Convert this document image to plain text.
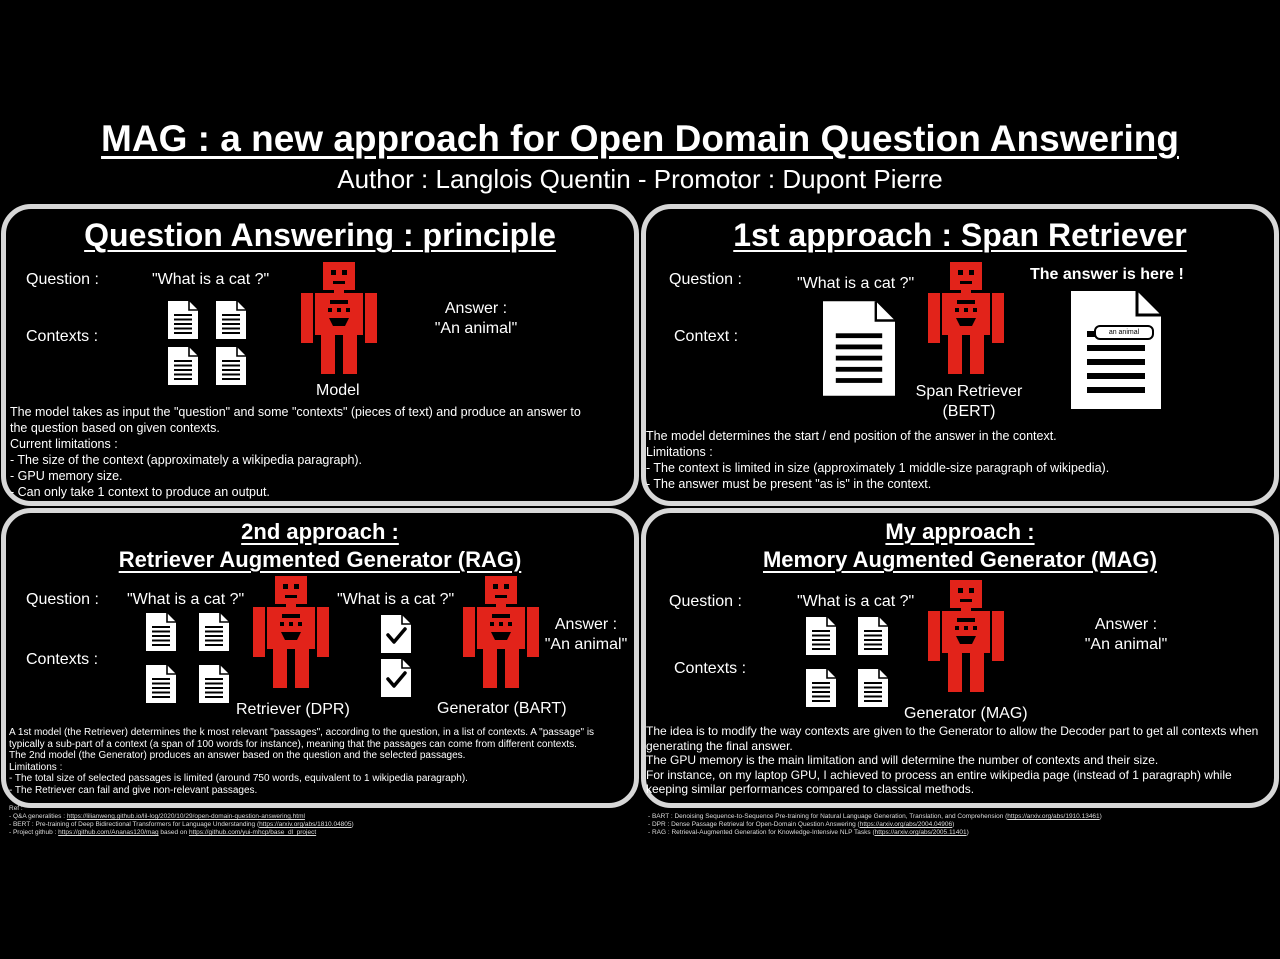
MAG : a new approach for Open Domain Question Answering
Author : Langlois Quentin - Promotor : Dupont Pierre
Question Answering : principle
Question :	"What is a cat ?"
Contexts :
Model
Answer :
"An animal"
The model takes as input the "question" and some "contexts" (pieces of text) and produce an answer to
the question based on given contexts.
Current limitations :
- The size of the context (approximately a wikipedia paragraph).
- GPU memory size.
- Can only take 1 context to produce an output.
1st approach : Span Retriever
Question :	"What is a cat ?"
Context :
Span Retriever
(BERT)
The answer is here !
an animal
The model determines the start / end position of the answer in the context.
Limitations :
- The context is limited in size (approximately 1 middle-size paragraph of wikipedia).
- The answer must be present "as is" in the context.
2nd approach :
Retriever Augmented Generator (RAG)
Question : "What is a cat ?"	"What is a cat ?"
Contexts :
Retriever (DPR)	Generator (BART)
Answer :
"An animal"
A 1st model (the Retriever) determines the k most relevant "passages", according to the question, in a list of contexts. A "passage" is
typically a sub-part of a context (a span of 100 words for instance), meaning that the passages can come from different contexts.
The 2nd model (the Generator) produces an answer based on the question and the selected passages.
Limitations :
- The total size of selected passages is limited (around 750 words, equivalent to 1 wikipedia paragraph).
- The Retriever can fail and give non-relevant passages.
My approach :
Memory Augmented Generator (MAG)
Question :	"What is a cat ?"
Contexts :
Generator (MAG)
Answer :
"An animal"
The idea is to modify the way contexts are given to the Generator to allow the Decoder part to get all contexts when
generating the final answer.
The GPU memory is the main limitation and will determine the number of contexts and their size.
For instance, on my laptop GPU, I achieved to process an entire wikipedia page (instead of 1 paragraph) while
keeping similar performances compared to classical methods.
Ref :
- Q&A generalities : https://lilianweng.github.io/lil-log/2020/10/29/open-domain-question-answering.html
- BERT : Pre-training of Deep Bidirectional Transformers for Language Understanding (https://arxiv.org/abs/1810.04805)
- Project github : https://github.com/Ananas120/mag based on https://github.com/yui-mhcp/base_dl_project
- BART : Denoising Sequence-to-Sequence Pre-training for Natural Language Generation, Translation, and Comprehension (https://arxiv.org/abs/1910.13461)
- DPR : Dense Passage Retrieval for Open-Domain Question Answering (https://arxiv.org/abs/2004.04906)
- RAG : Retrieval-Augmented Generation for Knowledge-Intensive NLP Tasks (https://arxiv.org/abs/2005.11401)
